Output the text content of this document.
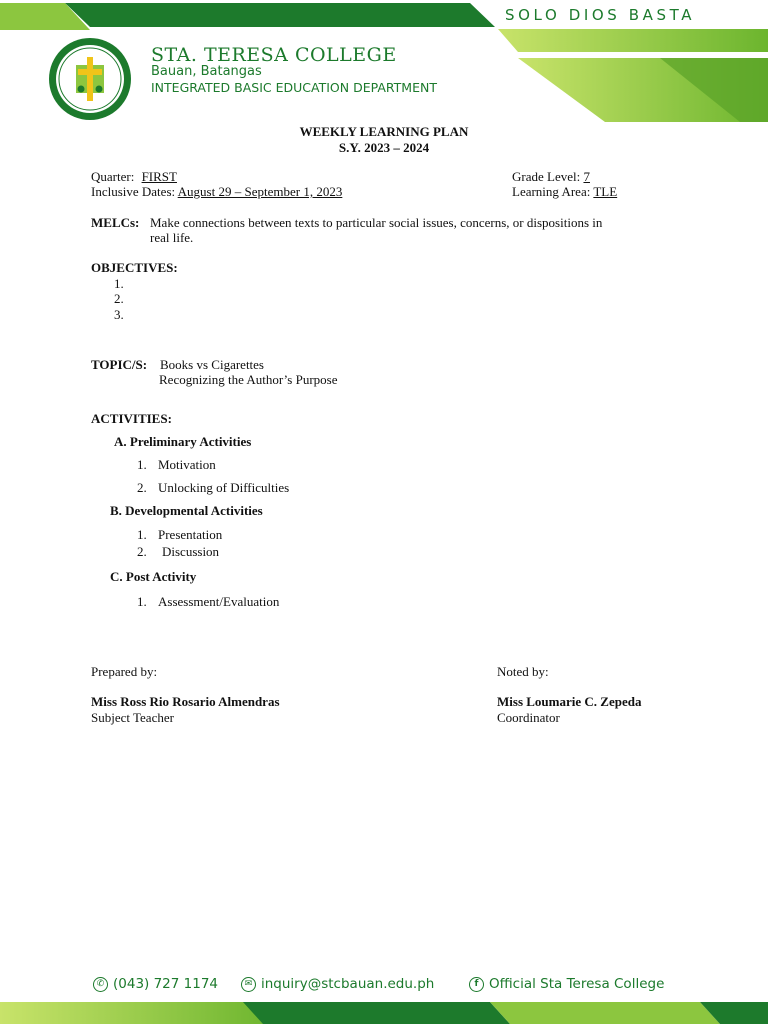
SOLO DIOS BASTA
STA. TERESA COLLEGE
Bauan, Batangas
INTEGRATED BASIC EDUCATION DEPARTMENT
WEEKLY LEARNING PLAN
S.Y. 2023 – 2024
Quarter: FIRST
Inclusive Dates: August 29 – September 1, 2023
Grade Level: 7
Learning Area: TLE
MELCs: Make connections between texts to particular social issues, concerns, or dispositions in
real life.
OBJECTIVES:
1.
2.
3.
TOPIC/S: Books vs Cigarettes
Recognizing the Author’s Purpose
ACTIVITIES:
A. Preliminary Activities
1. Motivation
2. Unlocking of Difficulties
B. Developmental Activities
1. Presentation
2. Discussion
C. Post Activity
1. Assessment/Evaluation
Prepared by:
Miss Ross Rio Rosario Almendras
Subject Teacher
Noted by:
Miss Loumarie C. Zepeda
Coordinator
✆ (043) 727 1174	✉ inquiry@stcbauan.edu.ph	f Official Sta Teresa College
